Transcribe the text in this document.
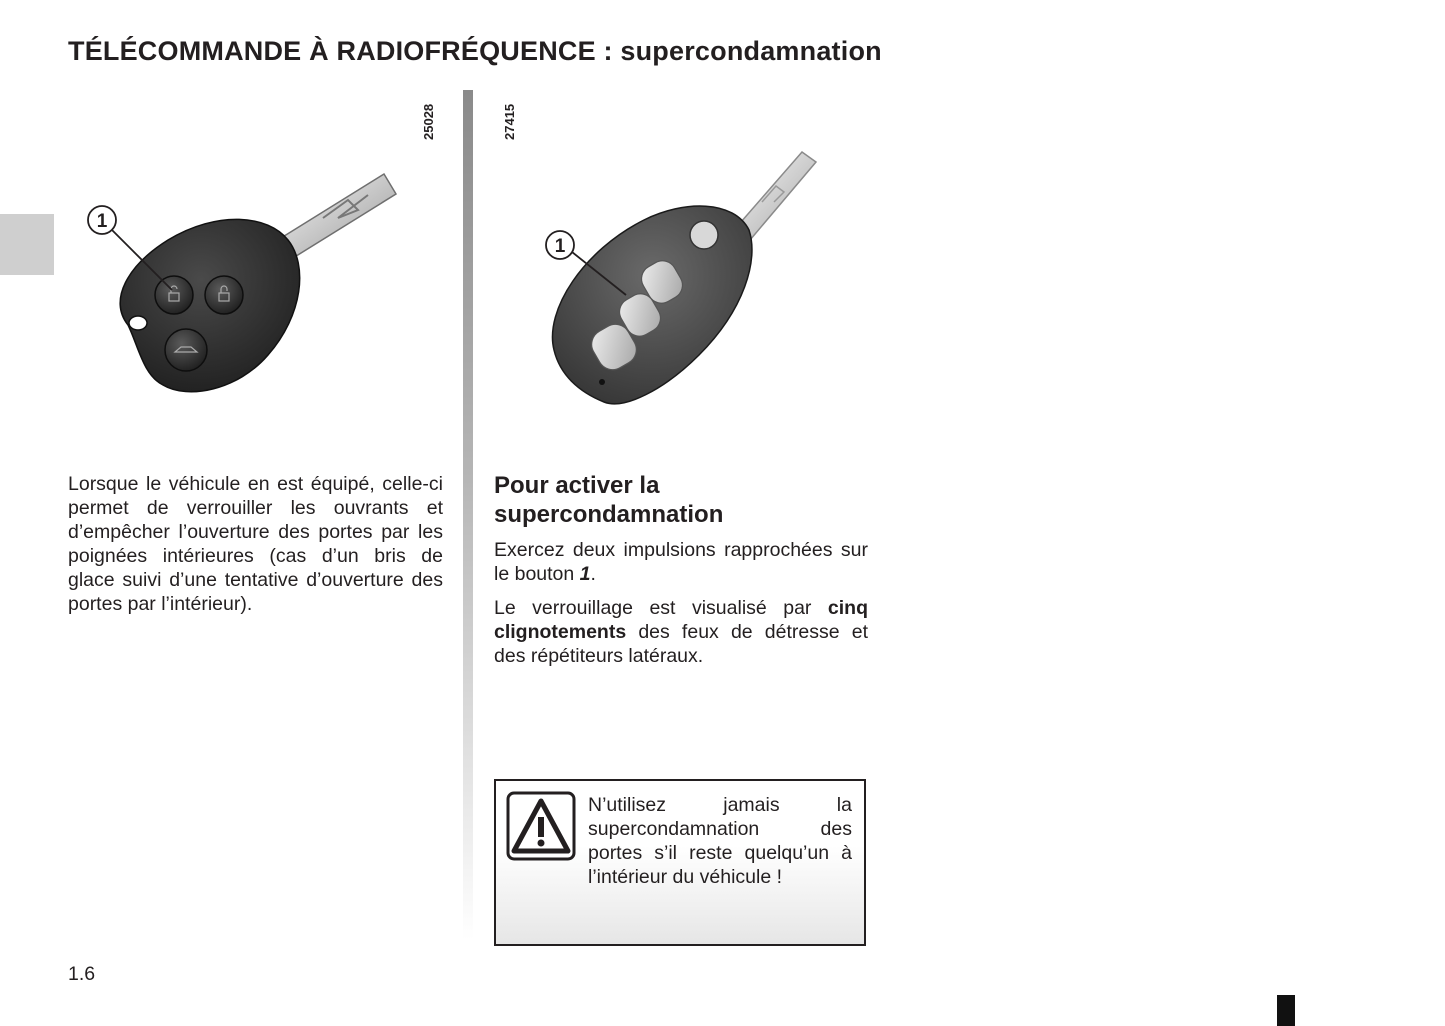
TÉLÉCOMMANDE À RADIOFRÉQUENCE : supercondamnation
25028
1
27415
1

Lorsque le véhicule en est équipé, celle-ci permet de verrouiller les ouvrants et d’empêcher l’ouverture des portes par les poignées intérieures (cas d’un bris de glace suivi d’une tentative d’ouverture des portes par l’intérieur).

Pour activer la supercondamnation

Exercez deux impulsions rapprochées sur le bouton 1.

Le verrouillage est visualisé par cinq clignotements des feux de détresse et des répétiteurs latéraux.

N’utilisez jamais la supercondamnation des portes s’il reste quelqu’un à l’intérieur du véhicule !
1.6
